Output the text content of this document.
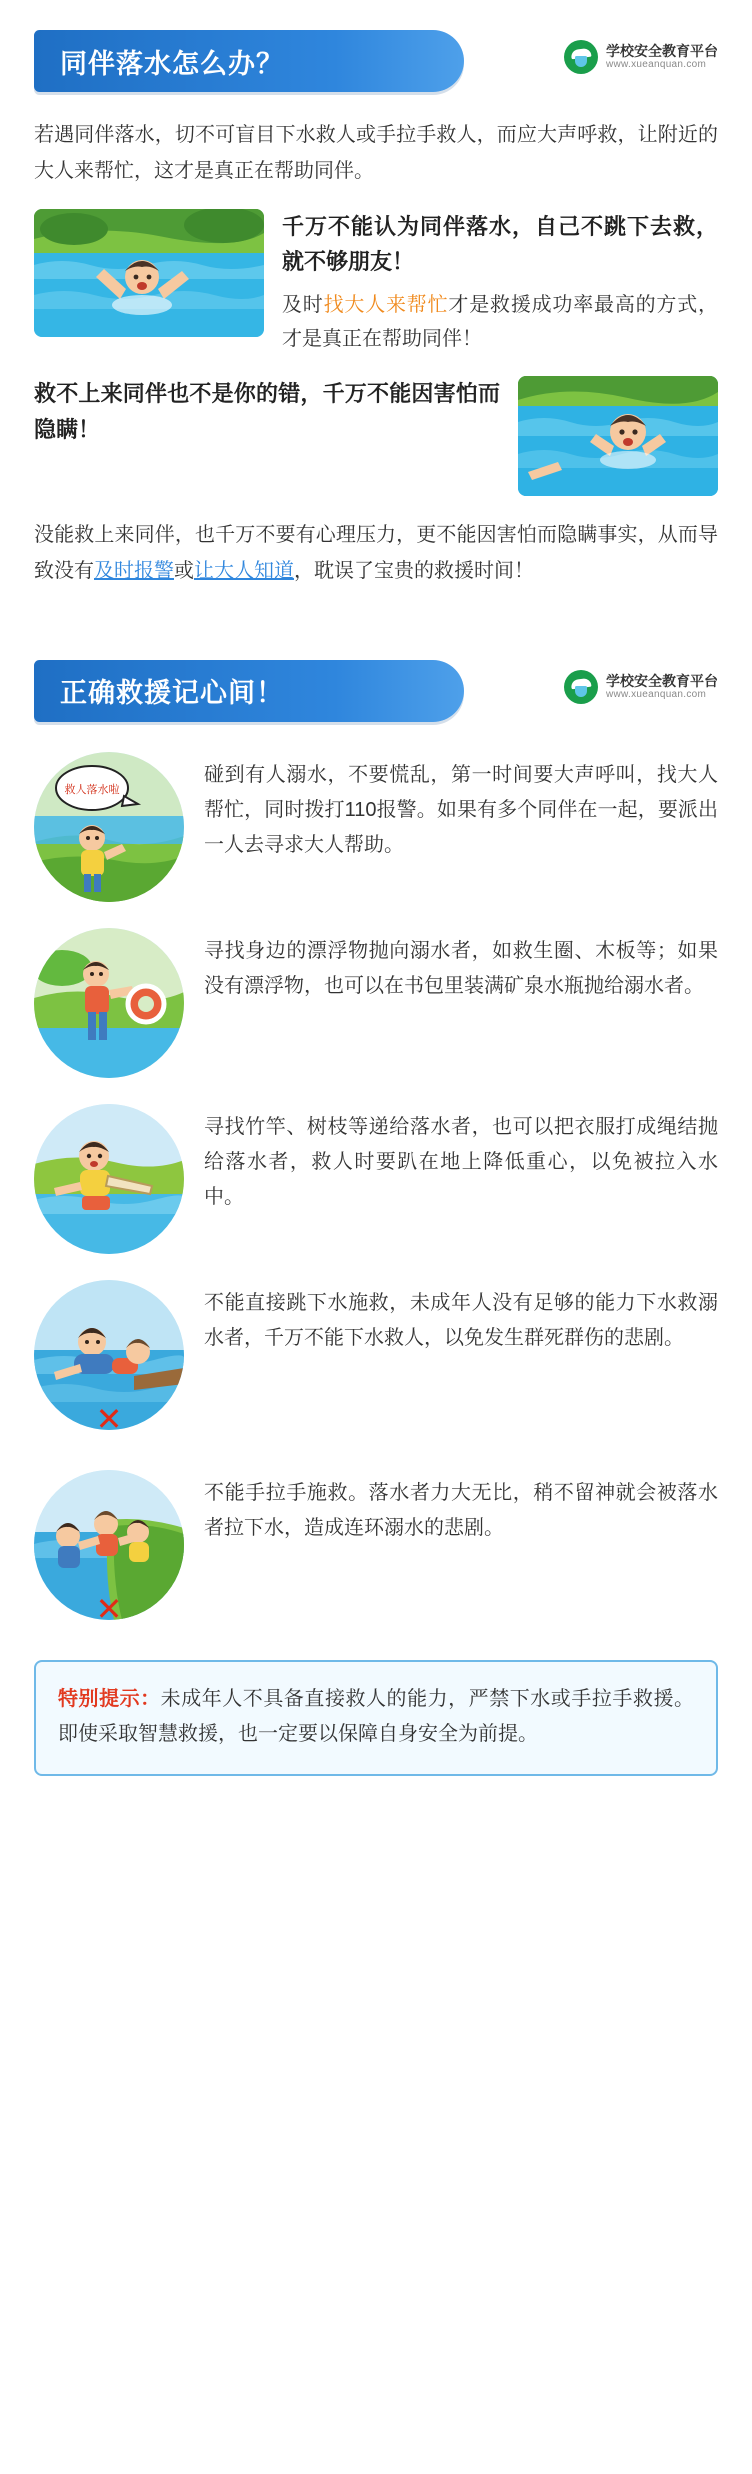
同伴落水怎么办？	学校安全教育平台
www.xueanquan.com
若遇同伴落水，切不可盲目下水救人或手拉手救人，而应大声呼救，让附近的大人来帮忙，这才是真正在帮助同伴。
千万不能认为同伴落水，自己不跳下去救，就不够朋友！
及时找大人来帮忙才是救援成功率最高的方式，才是真正在帮助同伴！
救不上来同伴也不是你的错，千万不能因害怕而隐瞒！
没能救上来同伴，也千万不要有心理压力，更不能因害怕而隐瞒事实，从而导致没有及时报警或让大人知道，耽误了宝贵的救援时间！
正确救援记心间！	学校安全教育平台
www.xueanquan.com
救人落水啦
碰到有人溺水，不要慌乱，第一时间要大声呼叫，找大人帮忙，同时拨打110报警。如果有多个同伴在一起，要派出一人去寻求大人帮助。
寻找身边的漂浮物抛向溺水者，如救生圈、木板等；如果没有漂浮物，也可以在书包里装满矿泉水瓶抛给溺水者。
寻找竹竿、树枝等递给落水者，也可以把衣服打成绳结抛给落水者，救人时要趴在地上降低重心，以免被拉入水中。
✕
不能直接跳下水施救，未成年人没有足够的能力下水救溺水者，千万不能下水救人，以免发生群死群伤的悲剧。
✕
不能手拉手施救。落水者力大无比，稍不留神就会被落水者拉下水，造成连环溺水的悲剧。
特别提示：未成年人不具备直接救人的能力，严禁下水或手拉手救援。即使采取智慧救援，也一定要以保障自身安全为前提。
